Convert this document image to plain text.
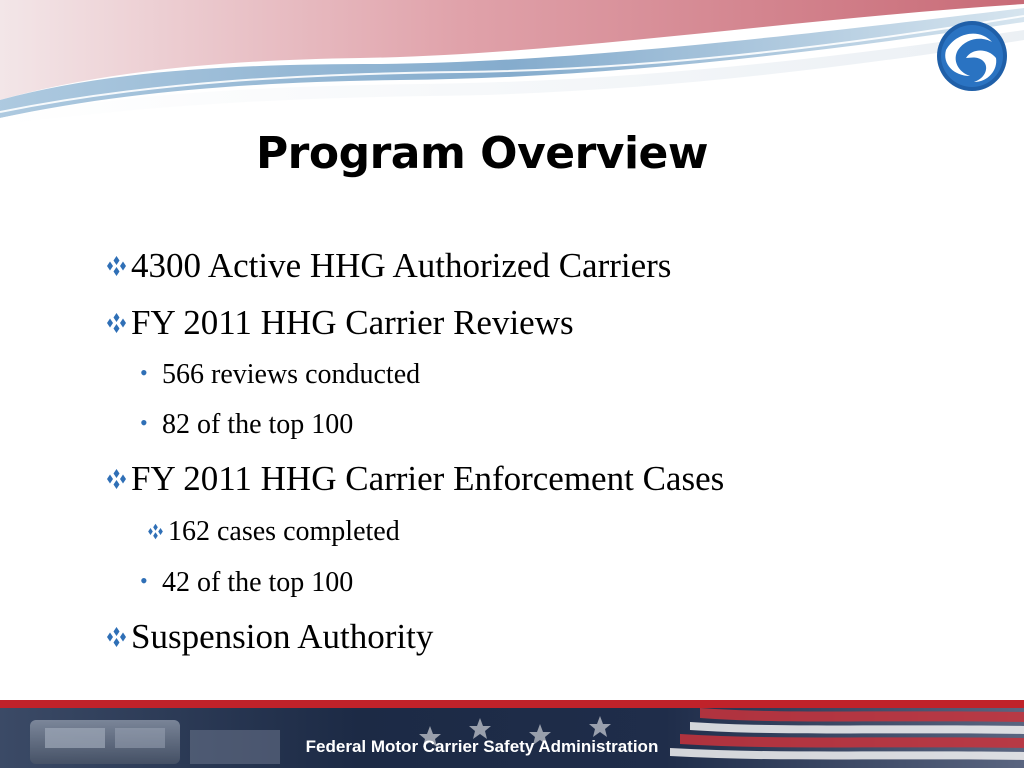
Program Overview
4300 Active HHG Authorized Carriers
FY 2011 HHG Carrier Reviews
• 566 reviews conducted
• 82 of the top 100
FY 2011 HHG Carrier Enforcement Cases
162 cases completed
• 42 of the top 100
Suspension Authority
Federal Motor Carrier Safety Administration
